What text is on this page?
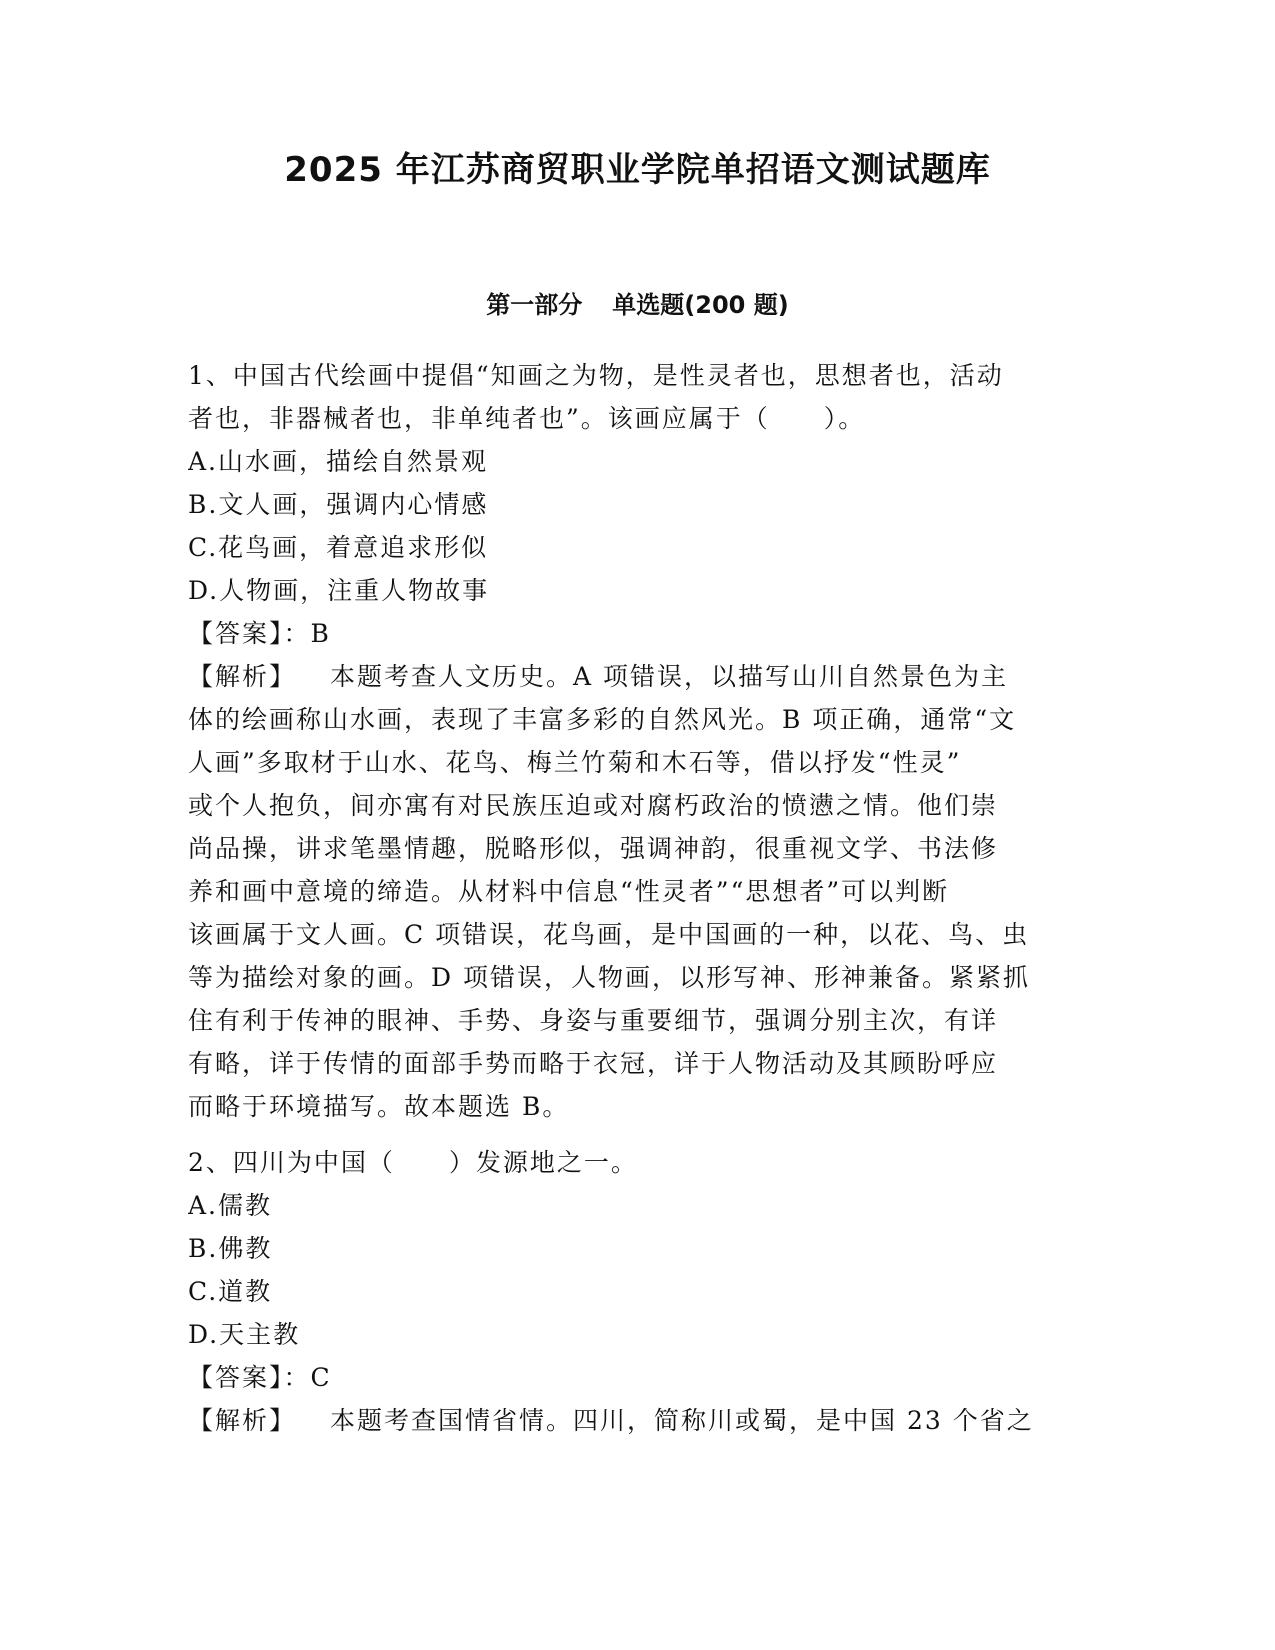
2025 年江苏商贸职业学院单招语文测试题库
第一部分 单选题(200 题)
1、中国古代绘画中提倡“知画之为物，是性灵者也，思想者也，活动
者也，非器械者也，非单纯者也”。该画应属于（　　）。
A.山水画，描绘自然景观
B.文人画，强调内心情感
C.花鸟画，着意追求形似
D.人物画，注重人物故事
【答案】：B
【解析】 本题考查人文历史。A 项错误，以描写山川自然景色为主
体的绘画称山水画，表现了丰富多彩的自然风光。B 项正确，通常“文
人画”多取材于山水、花鸟、梅兰竹菊和木石等，借以抒发“性灵”
或个人抱负，间亦寓有对民族压迫或对腐朽政治的愤懑之情。他们崇
尚品操，讲求笔墨情趣，脱略形似，强调神韵，很重视文学、书法修
养和画中意境的缔造。从材料中信息“性灵者”“思想者”可以判断
该画属于文人画。C 项错误，花鸟画，是中国画的一种，以花、鸟、虫
等为描绘对象的画。D 项错误，人物画，以形写神、形神兼备。紧紧抓
住有利于传神的眼神、手势、身姿与重要细节，强调分别主次，有详
有略，详于传情的面部手势而略于衣冠，详于人物活动及其顾盼呼应
而略于环境描写。故本题选 B。
2、四川为中国（　　）发源地之一。
A.儒教
B.佛教
C.道教
D.天主教
【答案】：C
【解析】 本题考查国情省情。四川，简称川或蜀，是中国 23 个省之
